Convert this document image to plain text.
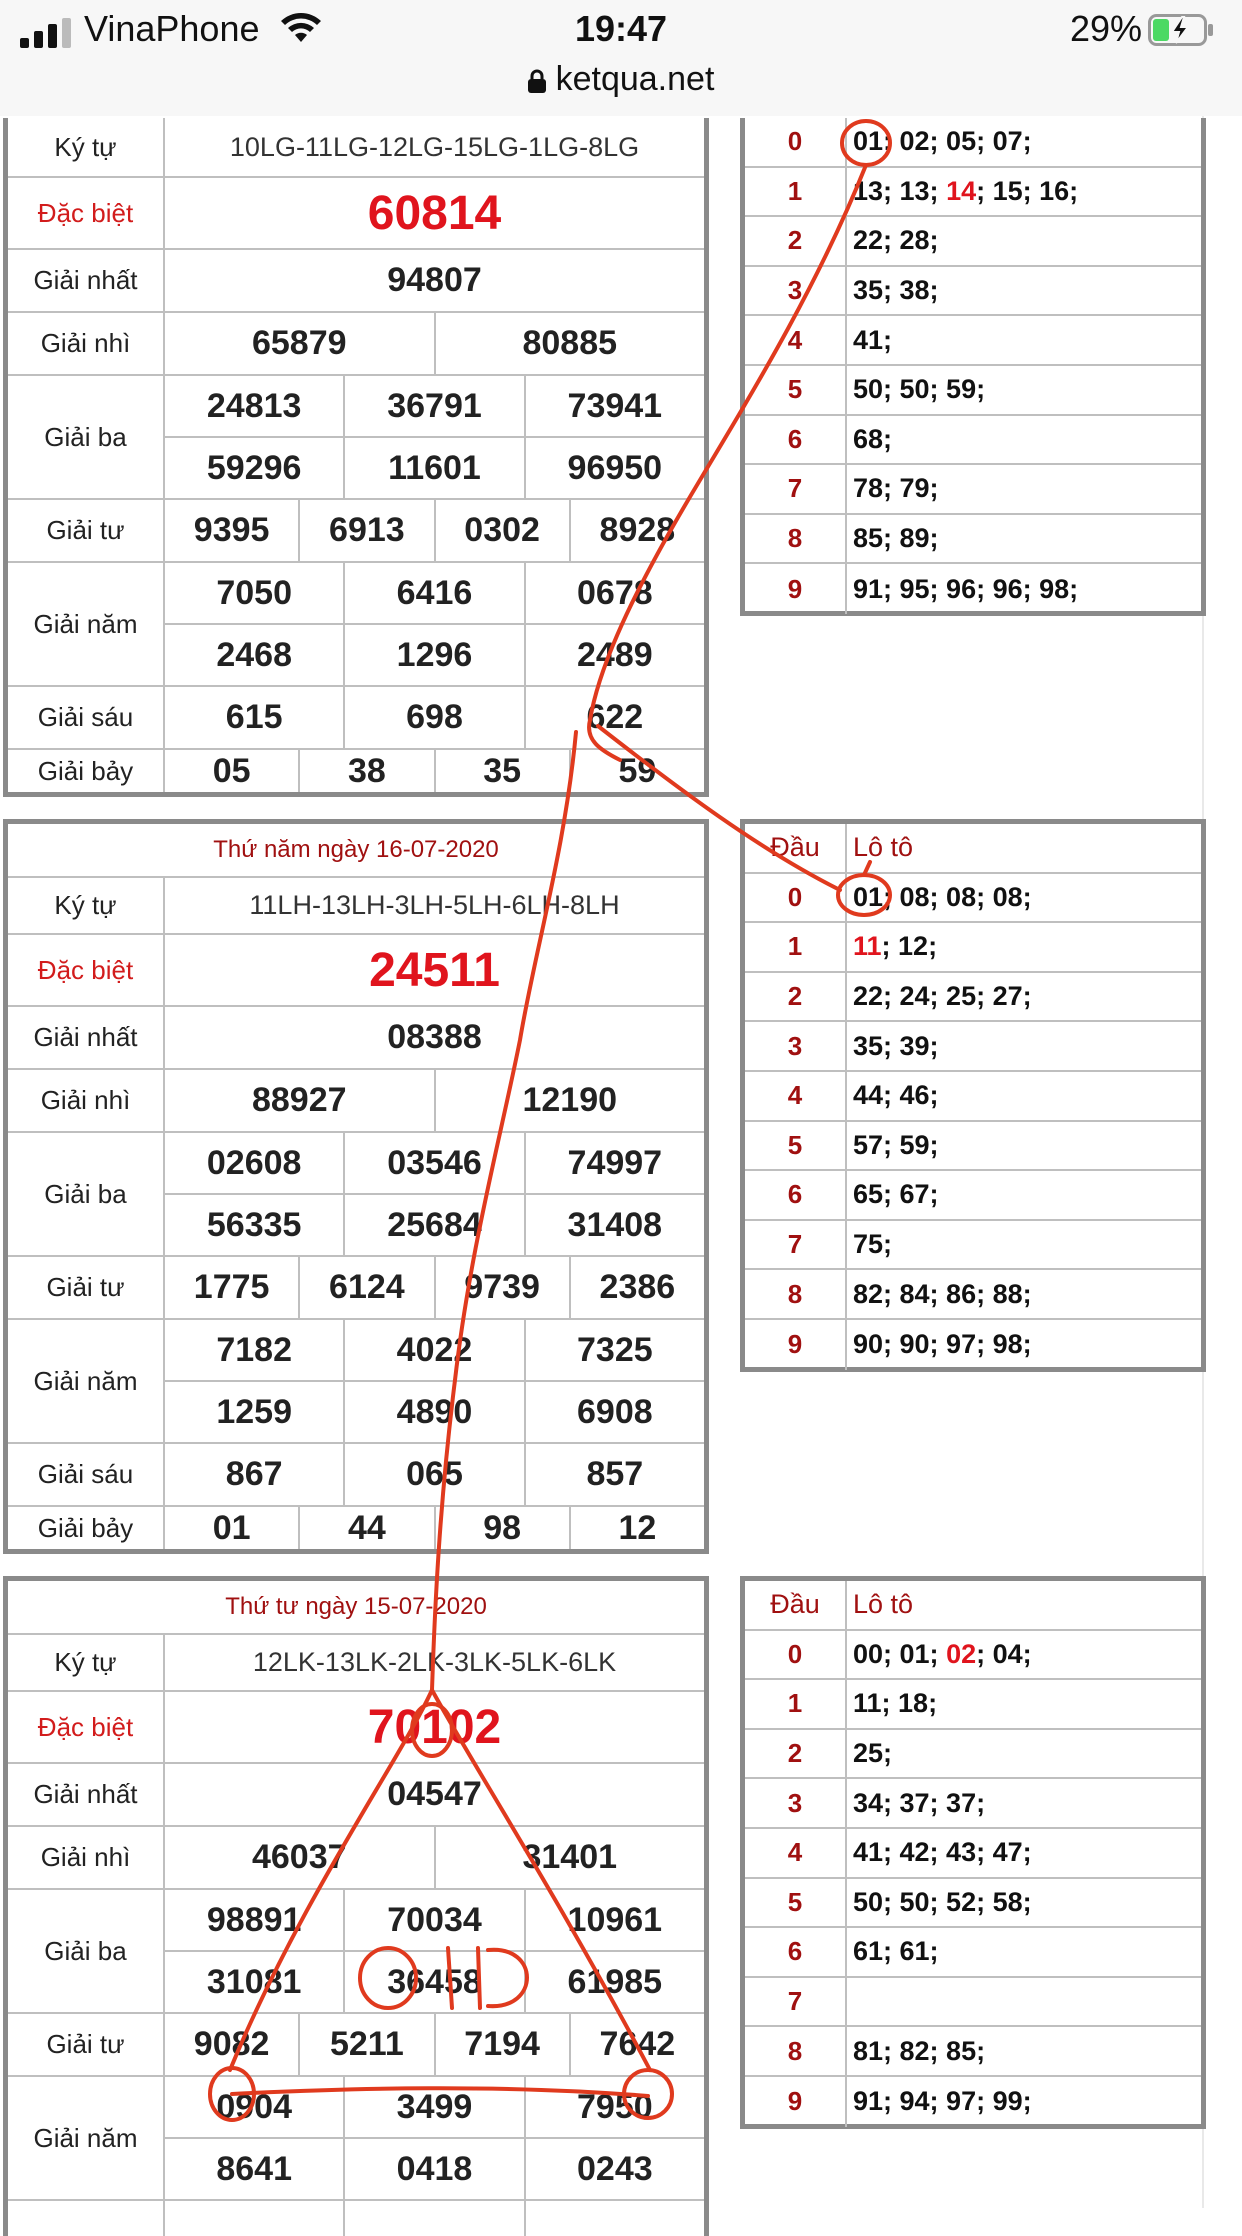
VinaPhone	19:47	29%
ketqua.net
Ký tự	10LG-11LG-12LG-15LG-1LG-8LG
Đặc biệt	60814
Giải nhất	94807
Giải nhì	65879	80885
Giải ba
24813	36791	73941
59296	11601	96950
Giải tư	9395	6913	0302	8928
Giải năm
7050	6416	0678
2468	1296	2489
Giải sáu	615	698	622
Giải bảy	05	38	35	59
0	01; 02; 05; 07;
1	13; 13; 14 ; 15; 16;
2	22; 28;
3	35; 38;
4	41;
5	50; 50; 59;
6	68;
7	78; 79;
8	85; 89;
9	91; 95; 96; 96; 98;
Thứ năm ngày 16-07-2020
Ký tự	11LH-13LH-3LH-5LH-6LH-8LH
Đặc biệt	24511
Giải nhất	08388
Giải nhì	88927	12190
Giải ba
02608	03546	74997
56335	25684	31408
Giải tư	1775	6124	9739	2386
Giải năm
7182	4022	7325
1259	4890	6908
Giải sáu	867	065	857
Giải bảy	01	44	98	12
Đầu	Lô tô
0	01; 08; 08; 08;
1	11 ; 12;
2	22; 24; 25; 27;
3	35; 39;
4	44; 46;
5	57; 59;
6	65; 67;
7	75;
8	82; 84; 86; 88;
9	90; 90; 97; 98;
Thứ tư ngày 15-07-2020
Ký tự	12LK-13LK-2LK-3LK-5LK-6LK
Đặc biệt	70102
Giải nhất	04547
Giải nhì	46037	31401
Giải ba
98891	70034	10961
31081	36458	61985
Giải tư	9082	5211	7194	7642
Giải năm
0904	3499	7950
8641	0418	0243
Đầu	Lô tô
0	00; 01; 02 ; 04;
1	11; 18;
2	25;
3	34; 37; 37;
4	41; 42; 43; 47;
5	50; 50; 52; 58;
6	61; 61;
7
8	81; 82; 85;
9	91; 94; 97; 99;
